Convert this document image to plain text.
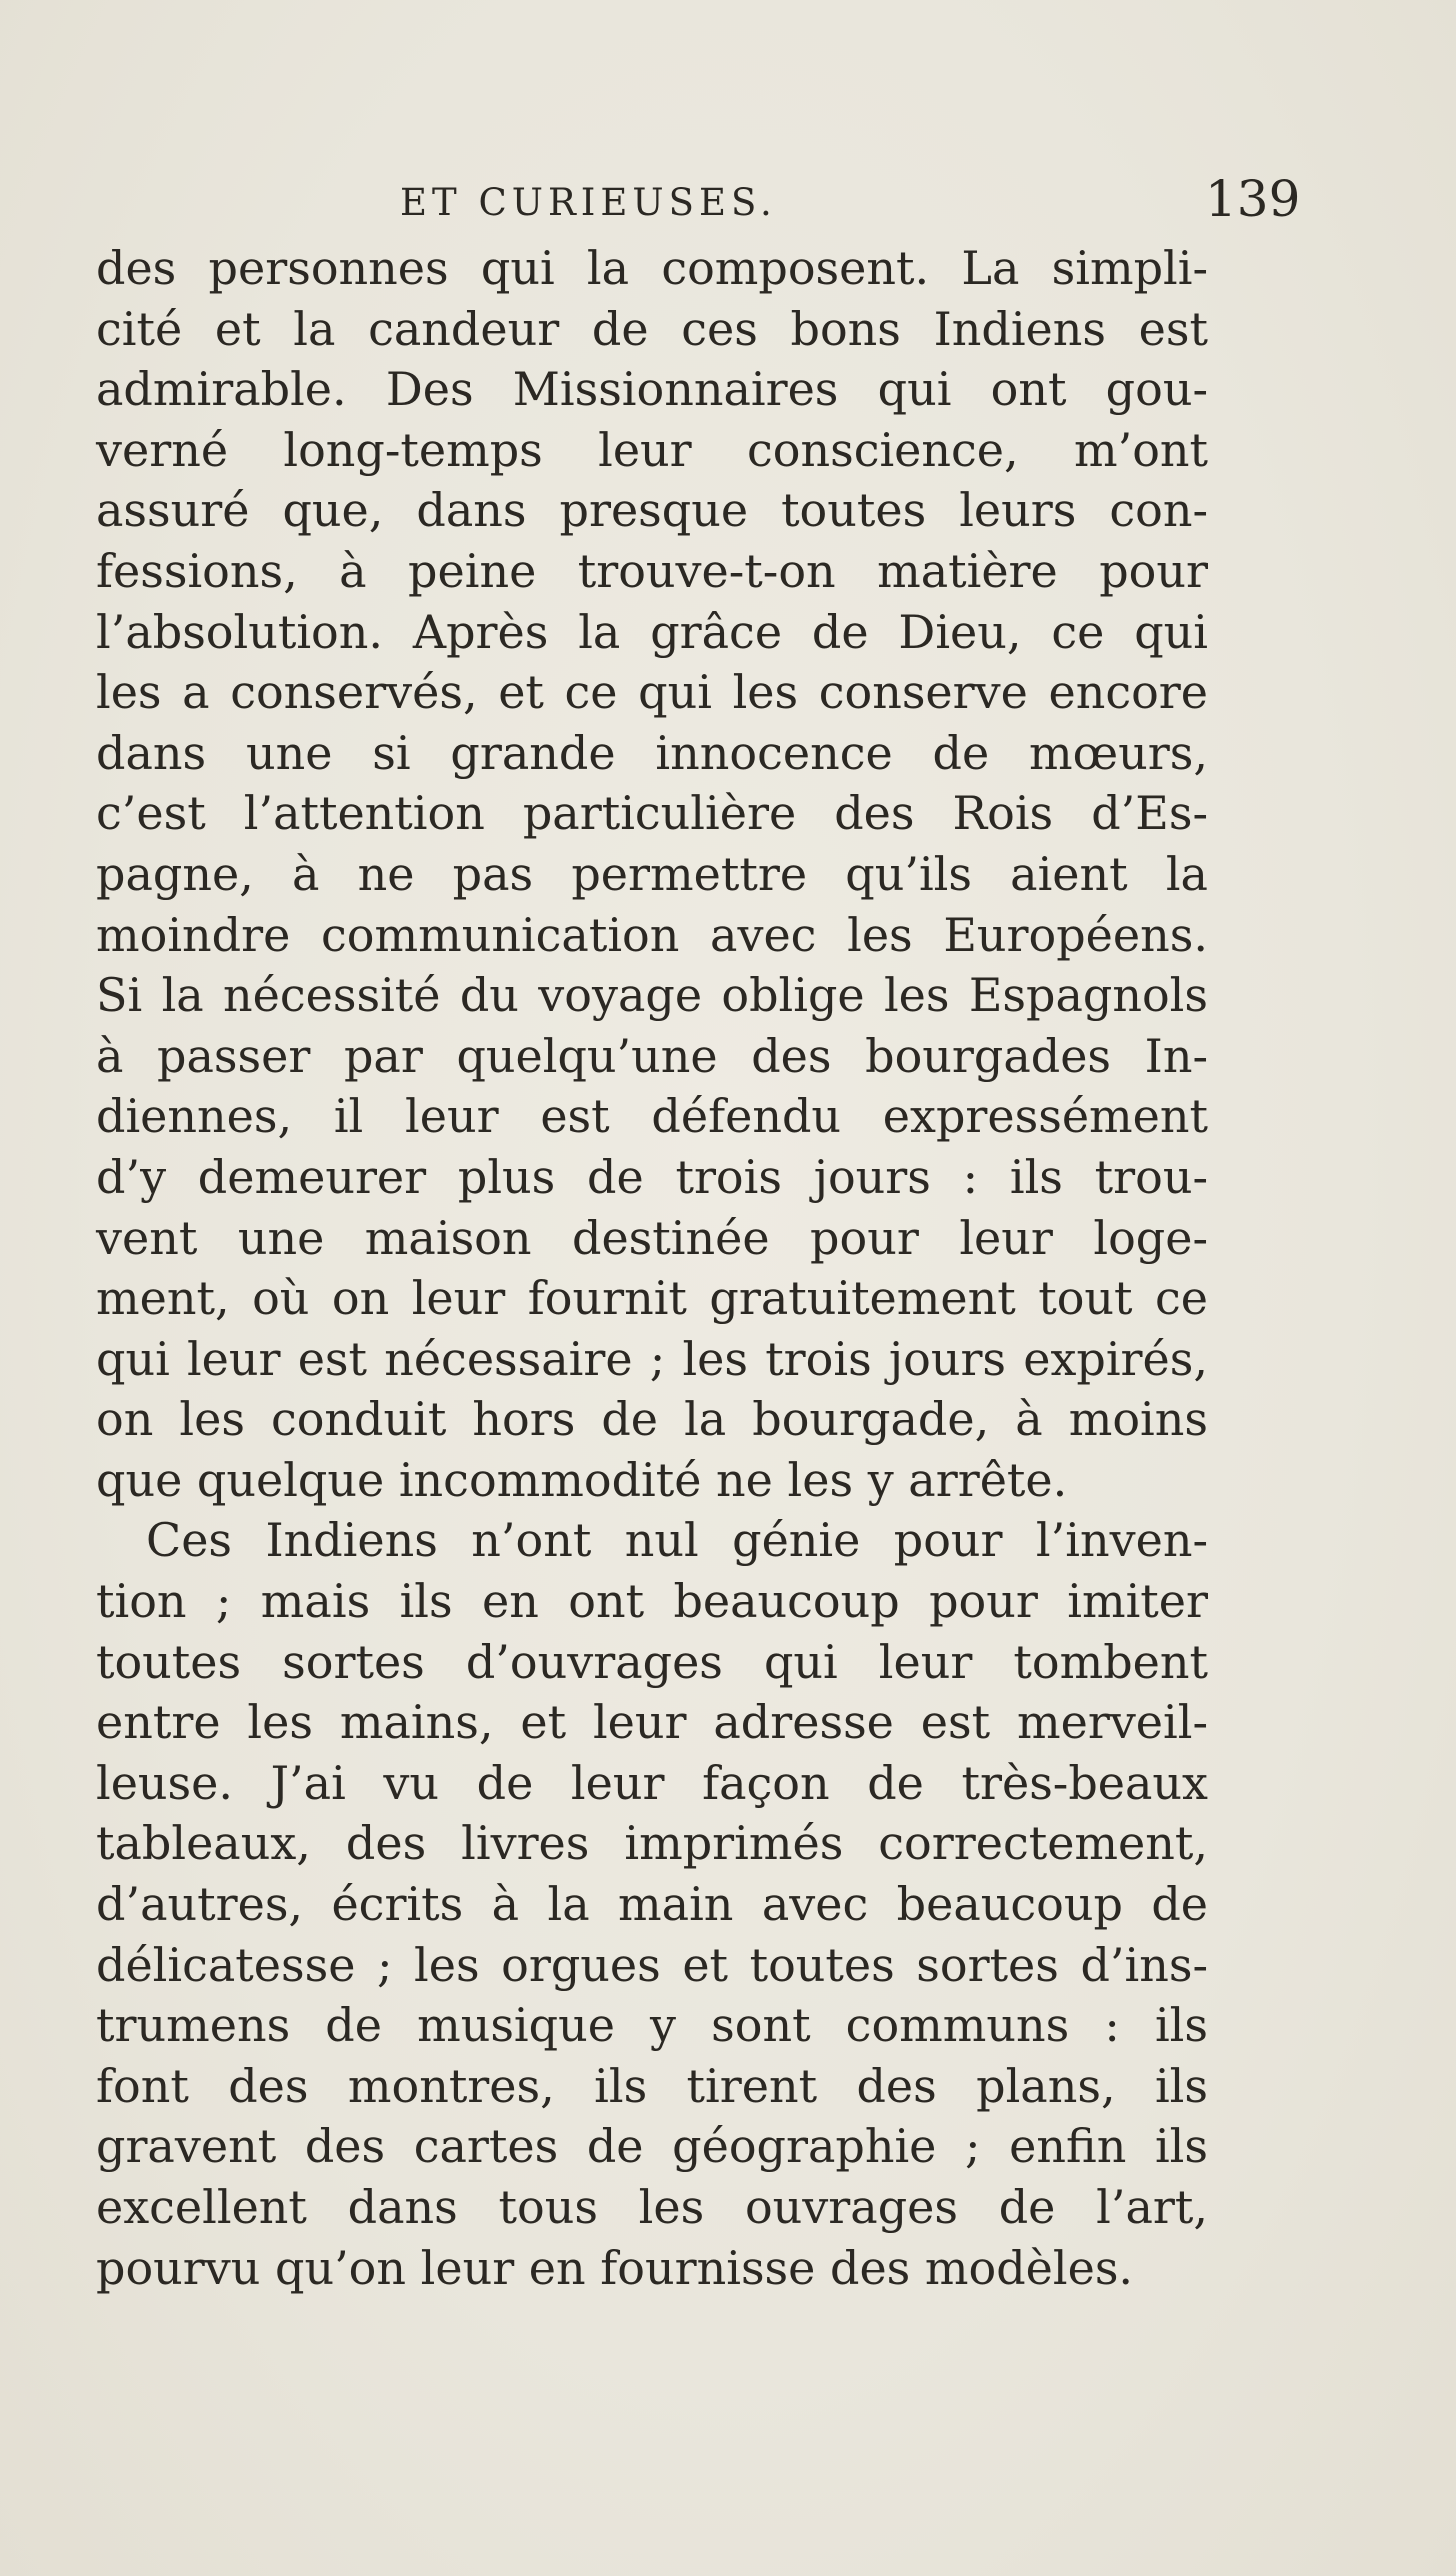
ET CURIEUSES.	139
des personnes qui la composent. La simpli-
cité et la candeur de ces bons Indiens est
admirable. Des Missionnaires qui ont gou-
verné long-temps leur conscience, m’ont
assuré que, dans presque toutes leurs con-
fessions, à peine trouve-t-on matière pour
l’absolution. Après la grâce de Dieu, ce qui
les a conservés, et ce qui les conserve encore
dans une si grande innocence de mœurs,
c’est l’attention particulière des Rois d’Es-
pagne, à ne pas permettre qu’ils aient la
moindre communication avec les Européens.
Si la nécessité du voyage oblige les Espagnols
à passer par quelqu’une des bourgades In-
diennes, il leur est défendu expressément
d’y demeurer plus de trois jours : ils trou-
vent une maison destinée pour leur loge-
ment, où on leur fournit gratuitement tout ce
qui leur est nécessaire ; les trois jours expirés,
on les conduit hors de la bourgade, à moins
que quelque incommodité ne les y arrête.
Ces Indiens n’ont nul génie pour l’inven-
tion ; mais ils en ont beaucoup pour imiter
toutes sortes d’ouvrages qui leur tombent
entre les mains, et leur adresse est merveil-
leuse. J’ai vu de leur façon de très-beaux
tableaux, des livres imprimés correctement,
d’autres, écrits à la main avec beaucoup de
délicatesse ; les orgues et toutes sortes d’ins-
trumens de musique y sont communs : ils
font des montres, ils tirent des plans, ils
gravent des cartes de géographie ; enfin ils
excellent dans tous les ouvrages de l’art,
pourvu qu’on leur en fournisse des modèles.
